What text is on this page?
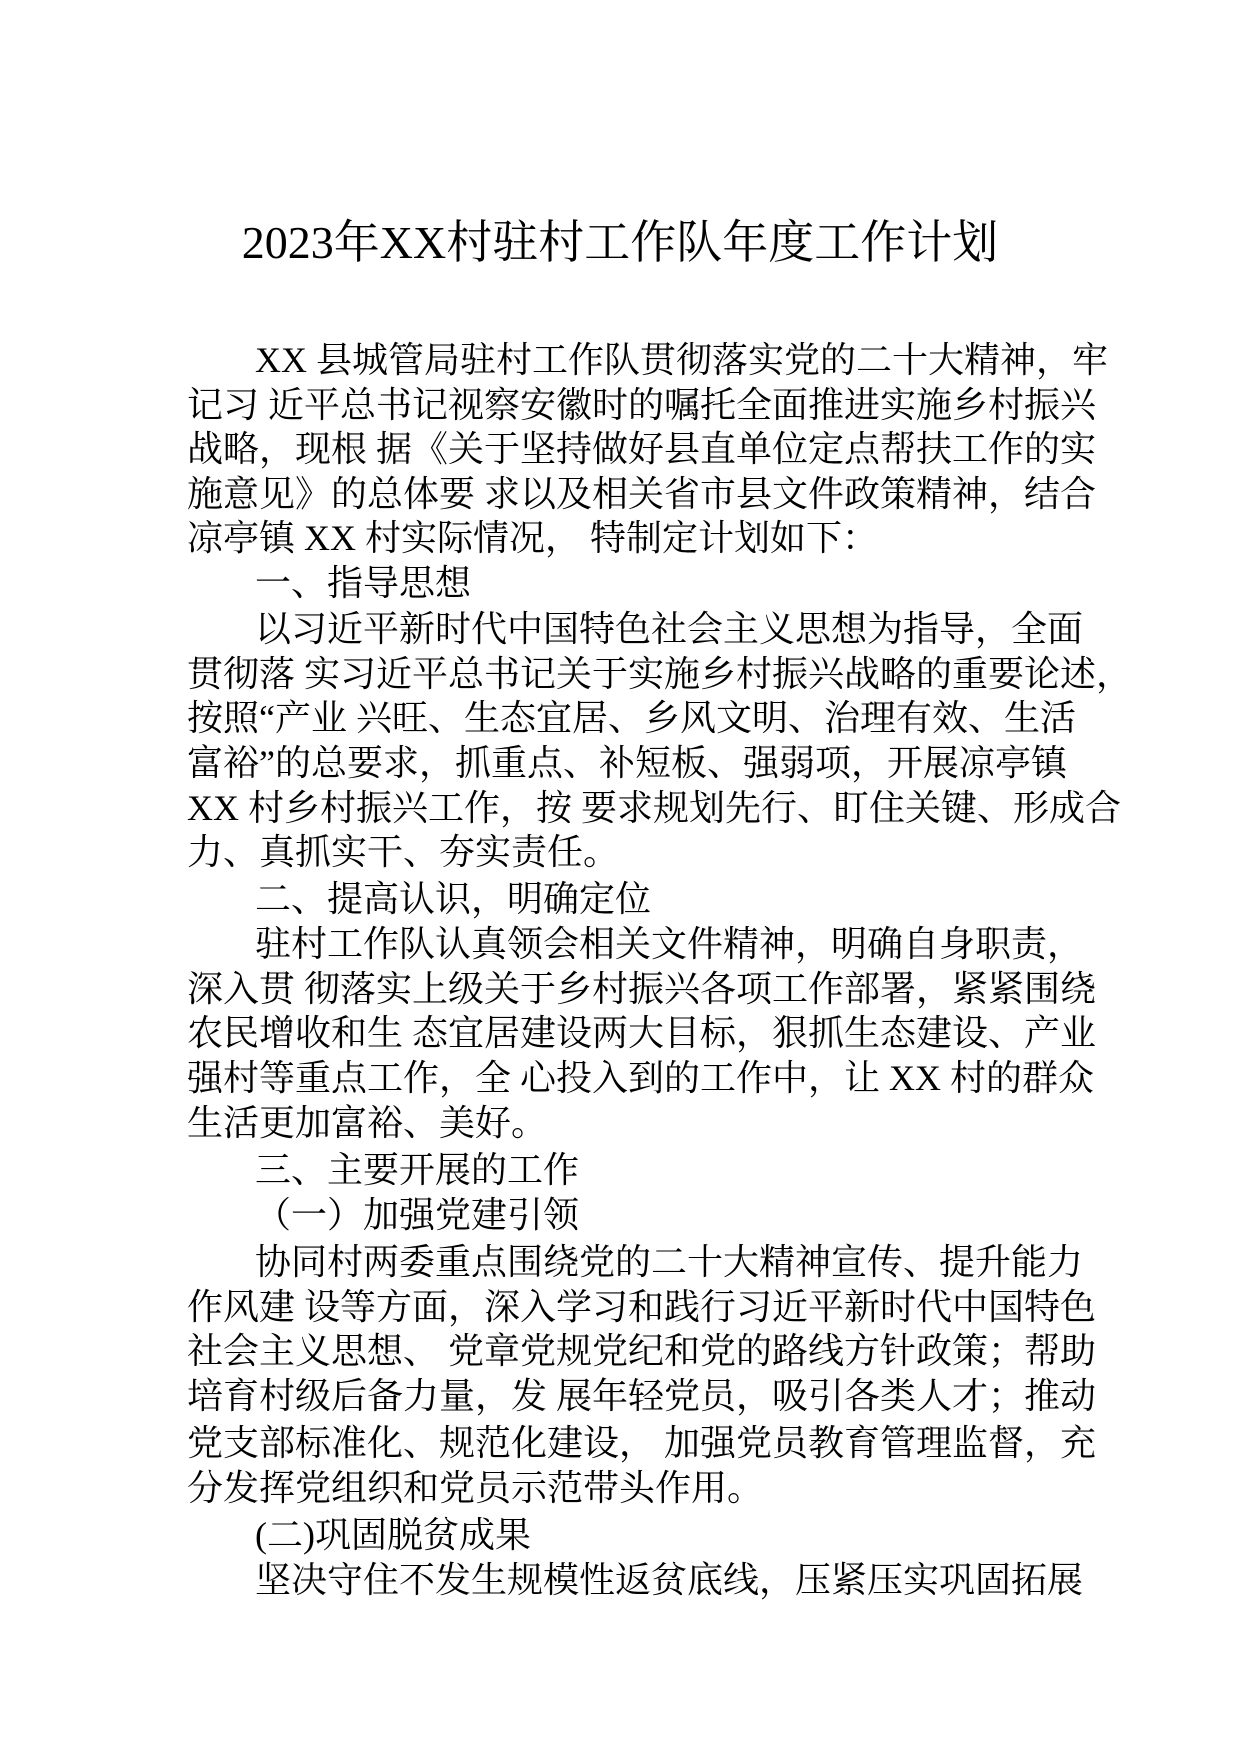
2023年XX村驻村工作队年度工作计划
XX 县城管局驻村工作队贯彻落实党的二十大精神，牢
记习 近平总书记视察安徽时的嘱托全面推进实施乡村振兴
战略，现根 据《关于坚持做好县直单位定点帮扶工作的实
施意见》的总体要 求以及相关省市县文件政策精神，结合
凉亭镇 XX 村实际情况， 特制定计划如下：
一、指导思想
以习近平新时代中国特色社会主义思想为指导，全面
贯彻落 实习近平总书记关于实施乡村振兴战略的重要论述，
按照“产业 兴旺、生态宜居、乡风文明、治理有效、生活
富裕”的总要求，抓重点、补短板、强弱项，开展凉亭镇
XX 村乡村振兴工作，按 要求规划先行、盯住关键、形成合
力、真抓实干、夯实责任。
二、提高认识，明确定位
驻村工作队认真领会相关文件精神，明确自身职责，
深入贯 彻落实上级关于乡村振兴各项工作部署，紧紧围绕
农民增收和生 态宜居建设两大目标，狠抓生态建设、产业
强村等重点工作，全 心投入到的工作中，让 XX 村的群众
生活更加富裕、美好。
三、主要开展的工作
（一）加强党建引领
协同村两委重点围绕党的二十大精神宣传、提升能力
作风建 设等方面，深入学习和践行习近平新时代中国特色
社会主义思想、 党章党规党纪和党的路线方针政策；帮助
培育村级后备力量，发 展年轻党员，吸引各类人才；推动
党支部标准化、规范化建设， 加强党员教育管理监督，充
分发挥党组织和党员示范带头作用。
(二)巩固脱贫成果
坚决守住不发生规模性返贫底线，压紧压实巩固拓展
